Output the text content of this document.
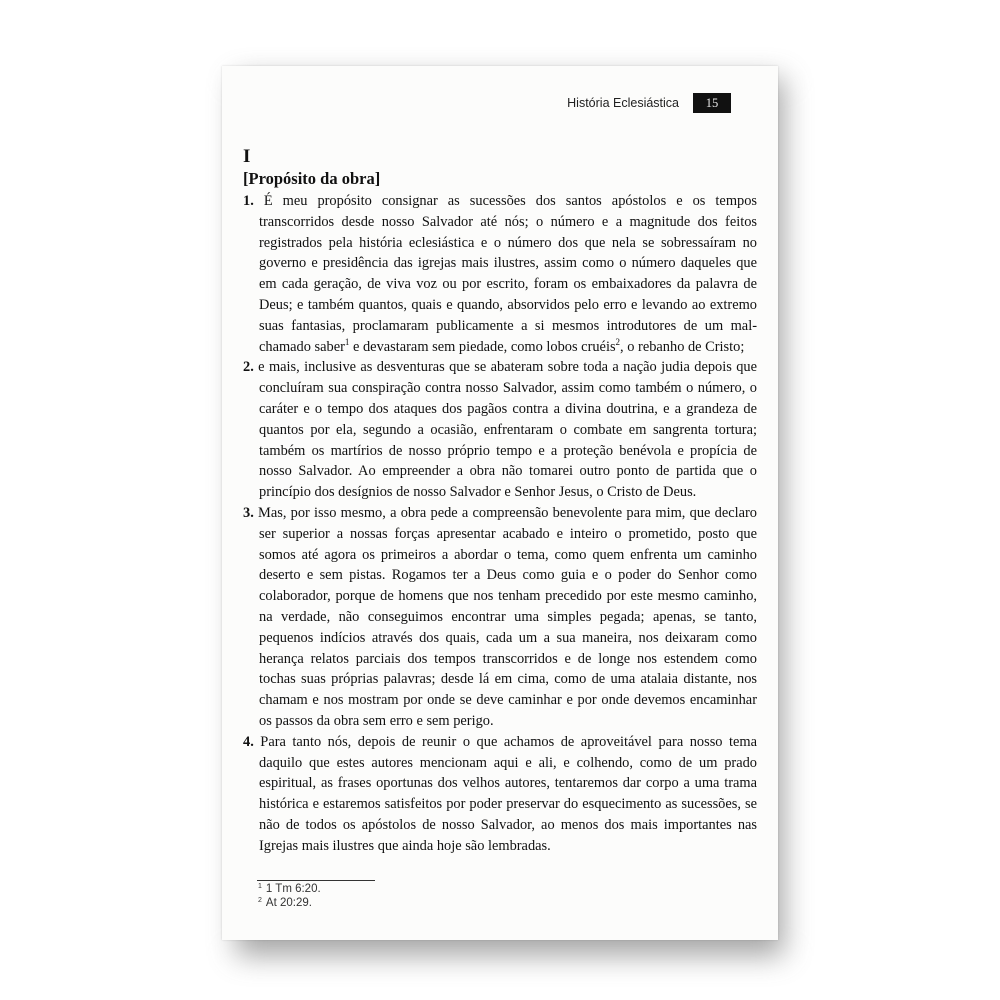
História Eclesiástica	15

I

[Propósito da obra]

1. É meu propósito consignar as sucessões dos santos apóstolos e os tempos transcorridos desde nosso Salvador até nós; o número e a magnitude dos feitos registrados pela história eclesiástica e o número dos que nela se sobressaíram no governo e presidência das igrejas mais ilustres, assim como o número daqueles que em cada geração, de viva voz ou por escrito, foram os embaixadores da palavra de Deus; e também quantos, quais e quando, absorvidos pelo erro e levando ao extremo suas fantasias, proclamaram publicamente a si mesmos introdutores de um mal-chamado saber$^1$ e devastaram sem piedade, como lobos cruéis$^2$, o rebanho de Cristo;

2. e mais, inclusive as desventuras que se abateram sobre toda a nação judia depois que concluíram sua conspiração contra nosso Salvador, assim como também o número, o caráter e o tempo dos ataques dos pagãos contra a divina doutrina, e a grandeza de quantos por ela, segundo a ocasião, enfrentaram o combate em sangrenta tortura; também os martírios de nosso próprio tempo e a proteção benévola e propícia de nosso Salvador. Ao empreender a obra não tomarei outro ponto de partida que o princípio dos desígnios de nosso Salvador e Senhor Jesus, o Cristo de Deus.

3. Mas, por isso mesmo, a obra pede a compreensão benevolente para mim, que declaro ser superior a nossas forças apresentar acabado e inteiro o prometido, posto que somos até agora os primeiros a abordar o tema, como quem enfrenta um caminho deserto e sem pistas. Rogamos ter a Deus como guia e o poder do Senhor como colaborador, porque de homens que nos tenham precedido por este mesmo caminho, na verdade, não conseguimos encontrar uma simples pegada; apenas, se tanto, pequenos indícios através dos quais, cada um a sua maneira, nos deixaram como herança relatos parciais dos tempos transcorridos e de longe nos estendem como tochas suas próprias palavras; desde lá em cima, como de uma atalaia distante, nos chamam e nos mostram por onde se deve caminhar e por onde devemos encaminhar os passos da obra sem erro e sem perigo.

4. Para tanto nós, depois de reunir o que achamos de aproveitável para nosso tema daquilo que estes autores mencionam aqui e ali, e colhendo, como de um prado espiritual, as frases oportunas dos velhos autores, tentaremos dar corpo a uma trama histórica e estaremos satisfeitos por poder preservar do esquecimento as sucessões, se não de todos os apóstolos de nosso Salvador, ao menos dos mais importantes nas Igrejas mais ilustres que ainda hoje são lembradas.

$^1$ 1 Tm 6:20.
$^2$ At 20:29.
